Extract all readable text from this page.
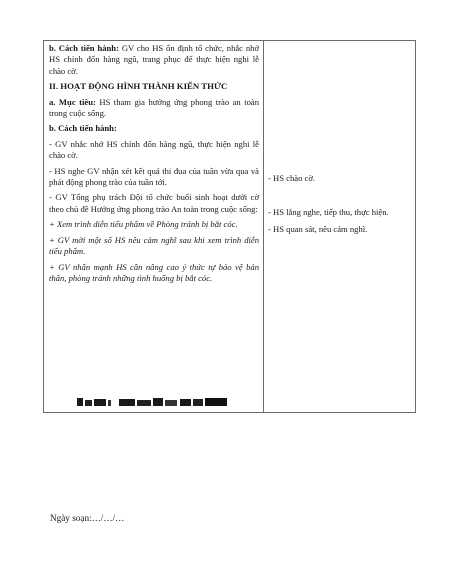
b. Cách tiến hành: GV cho HS ổn định tổ chức, nhắc nhở HS chỉnh đốn hàng ngũ, trang phục để thực hiện nghi lễ chào cờ.

II. HOẠT ĐỘNG HÌNH THÀNH KIẾN THỨC

a. Mục tiêu: HS tham gia hưởng ứng phong trào an toàn trong cuộc sống.

b. Cách tiến hành:

- GV nhắc nhở HS chỉnh đốn hàng ngũ, thực hiện nghi lễ chào cờ.

- HS nghe GV nhận xét kết quả thi đua của tuần vừa qua và phát động phong trào của tuần tới.

- GV Tổng phụ trách Đội tổ chức buổi sinh hoạt dưới cờ theo chủ đề Hưởng ứng phong trào An toàn trong cuộc sống:

+ Xem trình diễn tiểu phẩm về Phòng tránh bị bắt cóc.

+ GV mời một số HS nêu cảm nghĩ sau khi xem trình diễn tiểu phẩm.

+ GV nhấn mạnh HS cần nâng cao ý thức tự bảo vệ bản thân, phòng tránh những tình huống bị bắt cóc.

- HS chào cờ.
- HS lắng nghe, tiếp thu, thực hiện.
- HS quan sát, nêu cảm nghĩ.
Ngày soạn:…/…/…
